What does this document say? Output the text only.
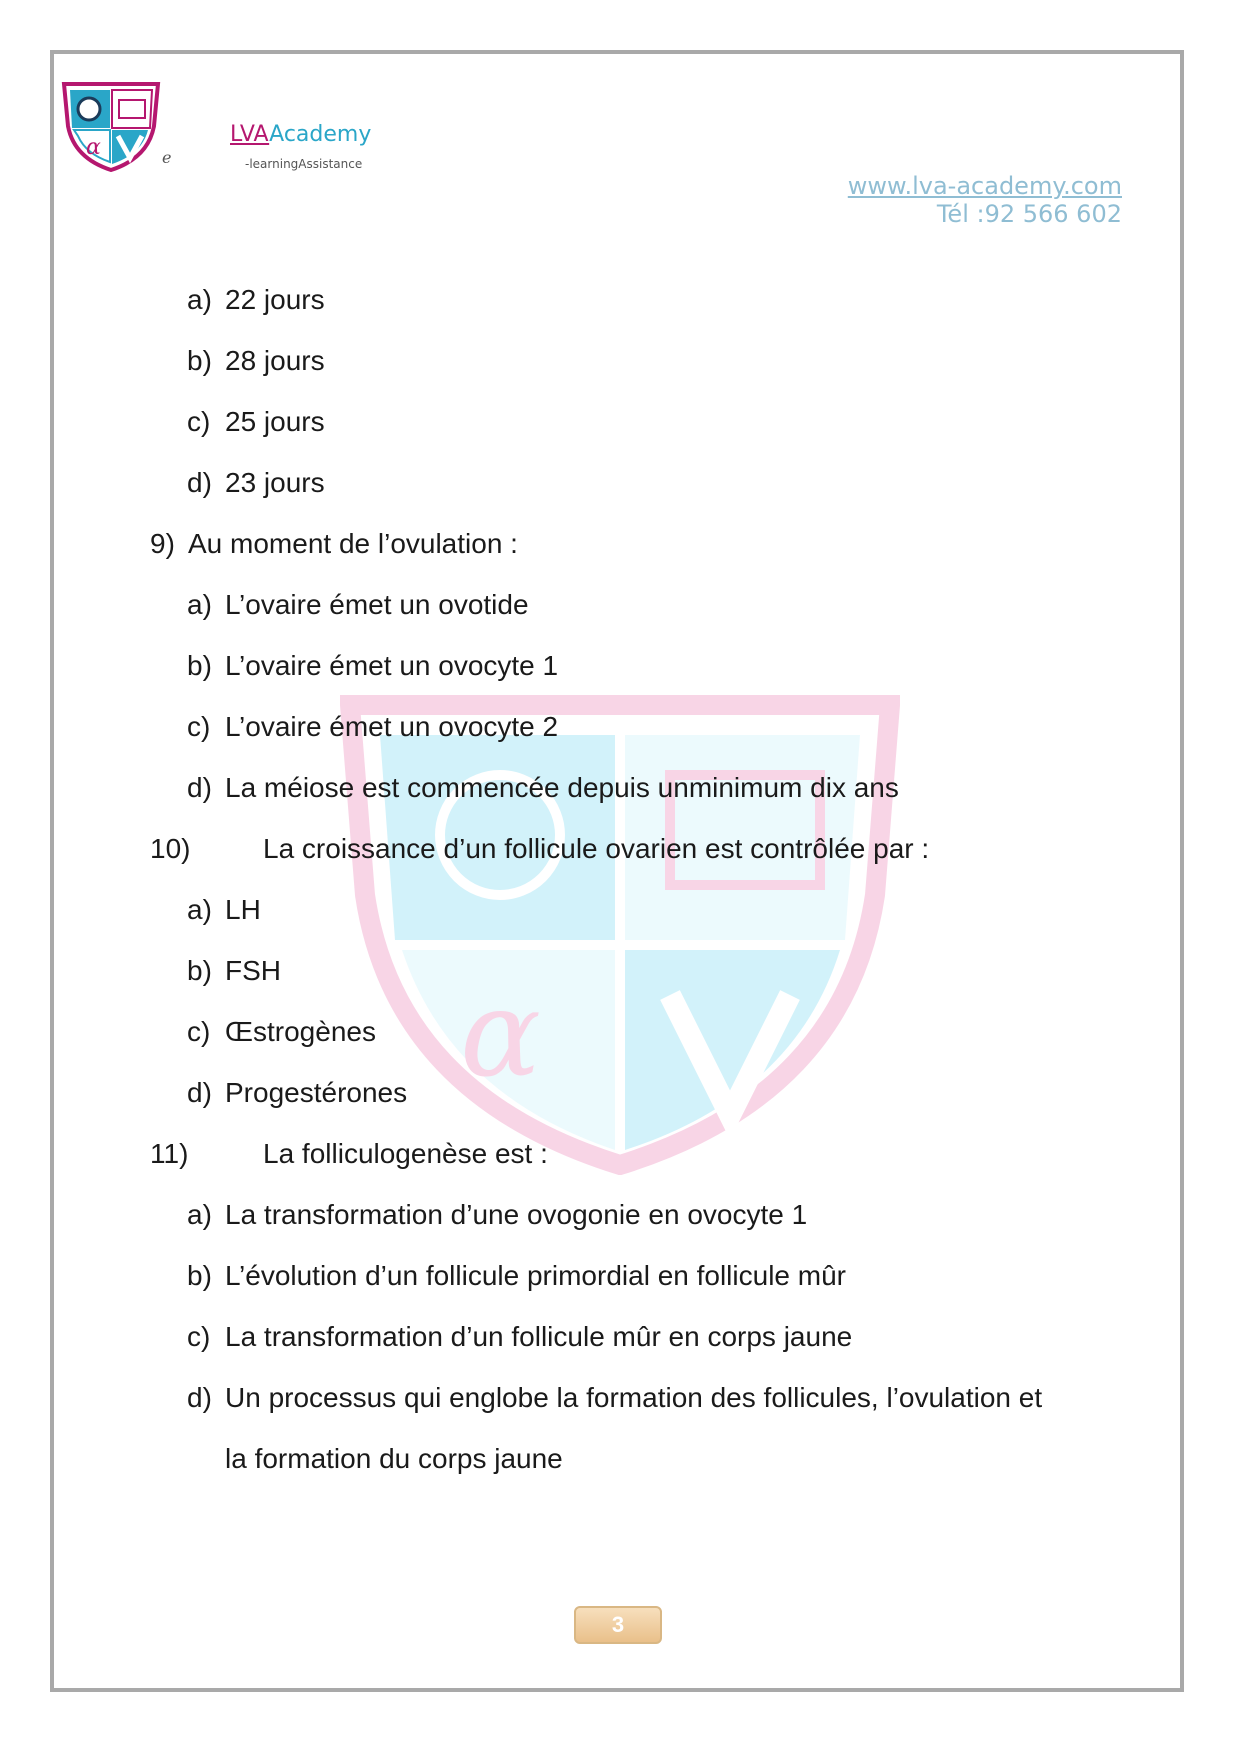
α	e
LVAAcademy
-learningAssistance
www.lva-academy.com
Tél :92 566 602
α
a) 22 jours
b) 28 jours
c) 25 jours
d) 23 jours
9) Au moment de l’ovulation :
a) L’ovaire émet un ovotide
b) L’ovaire émet un ovocyte 1
c) L’ovaire émet un ovocyte 2
d) La méiose est commencée depuis unminimum dix ans
10)	La croissance d’un follicule ovarien est contrôlée par :
a) LH
b) FSH
c) Œstrogènes
d) Progestérones
11)	La folliculogenèse est :
a) La transformation d’une ovogonie en ovocyte 1
b) L’évolution d’un follicule primordial en follicule mûr
c) La transformation d’un follicule mûr en corps jaune
d) Un processus qui englobe la formation des follicules, l’ovulation et
la formation du corps jaune
3
